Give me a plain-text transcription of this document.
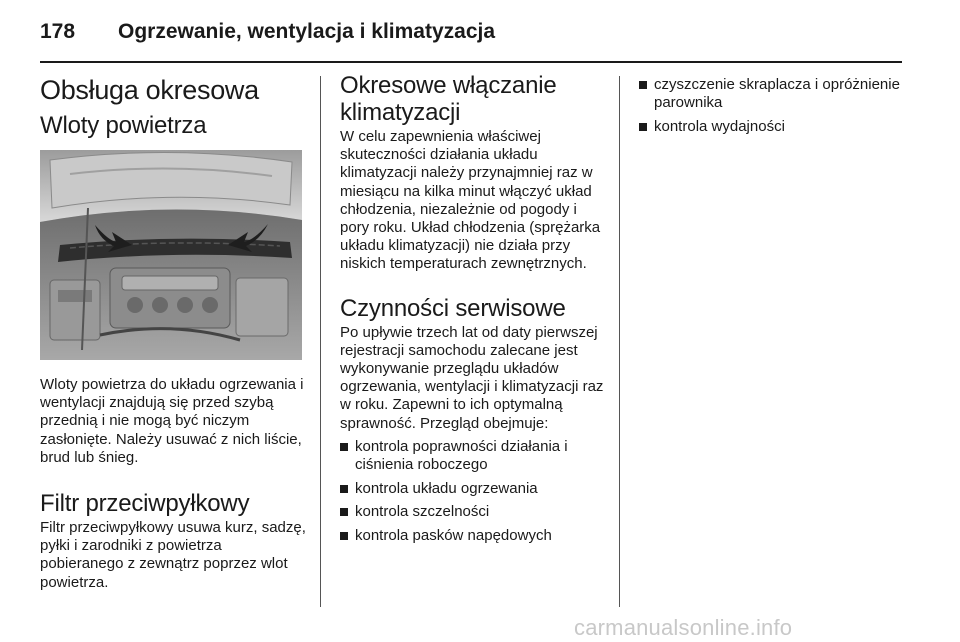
178 Ogrzewanie, wentylacja i klimatyzacja
Obsługa okresowa
Wloty powietrza

Wloty powietrza do układu ogrzewania i wentylacji znajdują się przed szybą przednią i nie mogą być niczym zasłonięte. Należy usuwać z nich liście, brud lub śnieg.

Filtr przeciwpyłkowy

Filtr przeciwpyłkowy usuwa kurz, sadzę, pyłki i zarodniki z powietrza pobieranego z zewnątrz poprzez wlot powietrza.

Okresowe włączanie klimatyzacji

W celu zapewnienia właściwej skuteczności działania układu klimatyzacji należy przynajmniej raz w miesiącu na kilka minut włączyć układ chłodzenia, niezależnie od pogody i pory roku. Układ chłodzenia (sprężarka układu klimatyzacji) nie działa przy niskich temperaturach zewnętrznych.

Czynności serwisowe

Po upływie trzech lat od daty pierwszej rejestracji samochodu zalecane jest wykonywanie przeglądu układów ogrzewania, wentylacji i klimatyzacji raz w roku. Zapewni to ich optymalną sprawność. Przegląd obejmuje:

kontrola poprawności działania i ciśnienia roboczego
kontrola układu ogrzewania
kontrola szczelności
kontrola pasków napędowych
czyszczenie skraplacza i opróżnienie parownika
kontrola wydajności
carmanualsonline.info
